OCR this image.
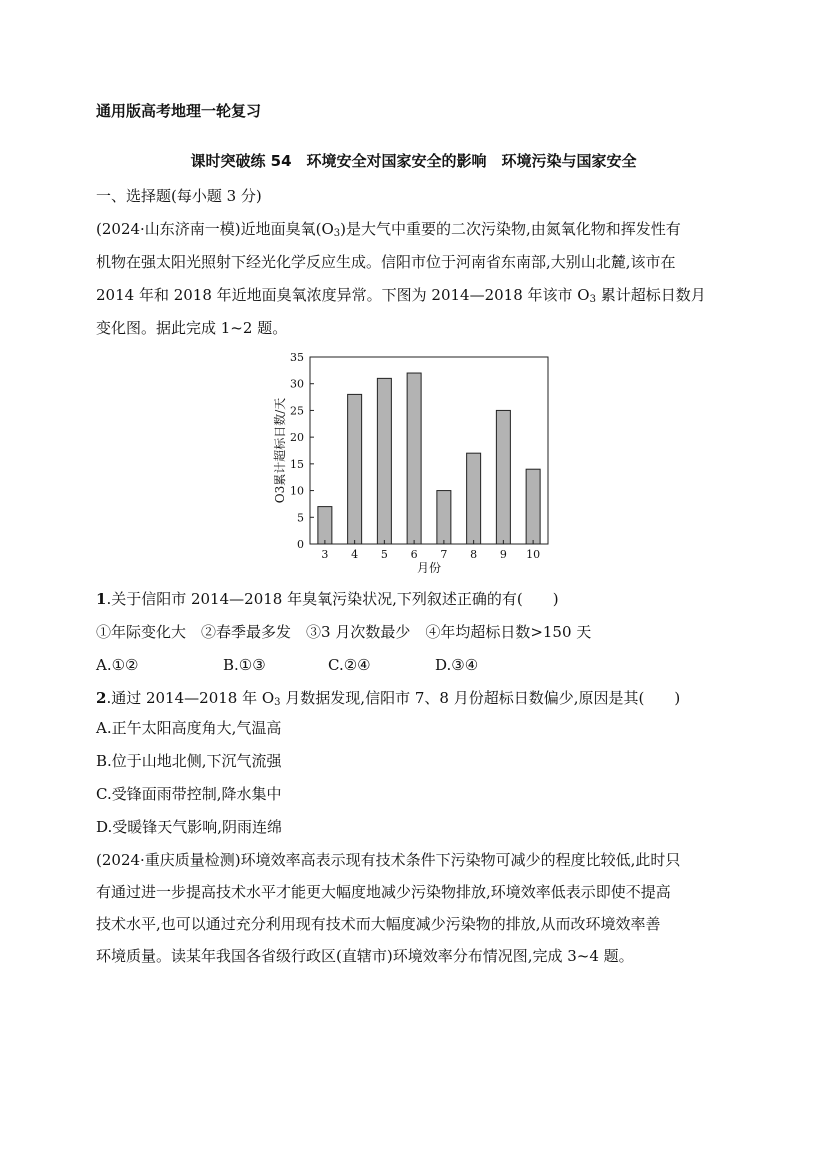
通用版高考地理一轮复习
课时突破练 54　环境安全对国家安全的影响　环境污染与国家安全
一、选择题(每小题 3 分)
(2024·山东济南一模)近地面臭氧$(O_3)$是大气中重要的二次污染物,由氮氧化物和挥发性有
机物在强太阳光照射下经光化学反应生成。信阳市位于河南省东南部,大别山北麓,该市在
2014 年和 2018 年近地面臭氧浓度异常。下图为 2014—2018 年该市 $O_3$ 累计超标日数月
变化图。据此完成 1~2 题。
0
5
10
15
20
25
30
35
3 4 5 6 7 8 9 10
月份
O3累计超标日数/天
1.关于信阳市 2014—2018 年臭氧污染状况,下列叙述正确的有(　　)
①年际变化大　②春季最多发　③3 月次数最少　④年均超标日数>150 天
A.①②	B.①③	C.②④	D.③④
2.通过 2014—2018 年 $O_3$ 月数据发现,信阳市 7、8 月份超标日数偏少,原因是其(　　)
A.正午太阳高度角大,气温高
B.位于山地北侧,下沉气流强
C.受锋面雨带控制,降水集中
D.受暖锋天气影响,阴雨连绵
(2024·重庆质量检测)环境效率高表示现有技术条件下污染物可减少的程度比较低,此时只
有通过进一步提高技术水平才能更大幅度地减少污染物排放,环境效率低表示即使不提高
技术水平,也可以通过充分利用现有技术而大幅度减少污染物的排放,从而改环境效率善
环境质量。读某年我国各省级行政区(直辖市)环境效率分布情况图,完成 3~4 题。
